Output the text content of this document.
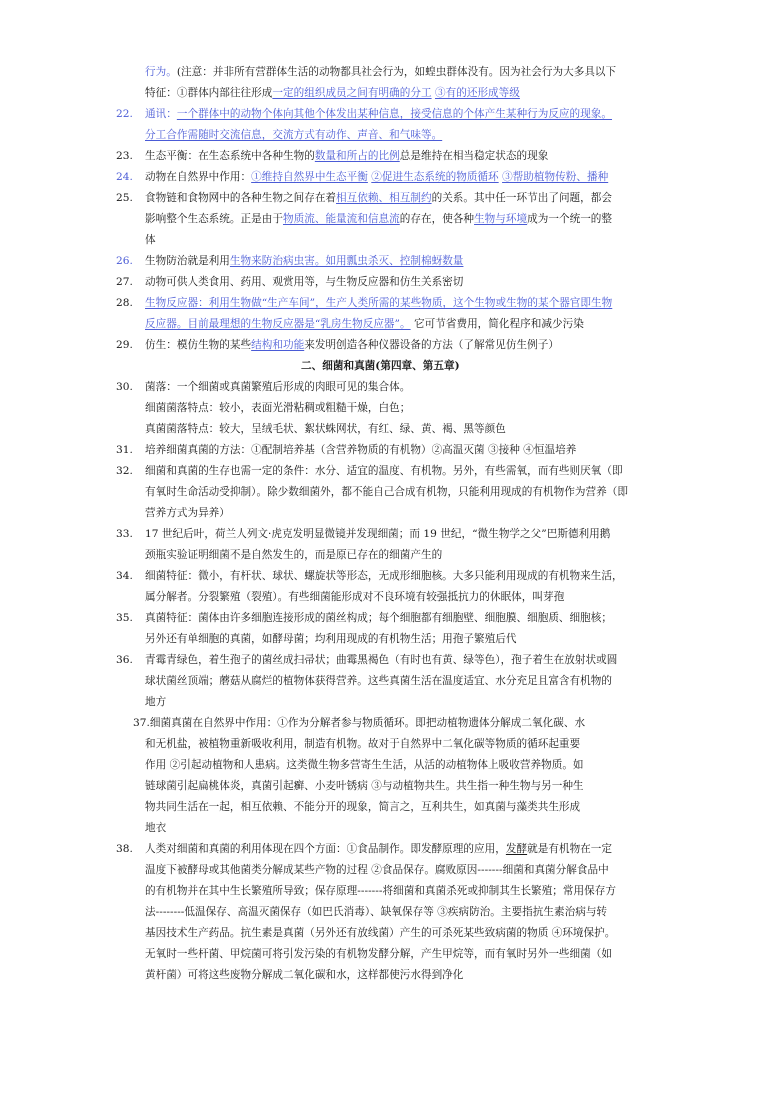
行为。(注意：并非所有营群体生活的动物都具社会行为，如蝗虫群体没有。因为社会行为大多具以下
特征：①群体内部往往形成一定的组织成员之间有明确的分工 ③有的还形成等级
22. 通讯：一个群体中的动物个体向其他个体发出某种信息，接受信息的个体产生某种行为反应的现象。
分工合作需随时交流信息，交流方式有动作、声音、和气味等。
23. 生态平衡：在生态系统中各种生物的数量和所占的比例总是维持在相当稳定状态的现象
24. 动物在自然界中作用：①维持自然界中生态平衡 ②促进生态系统的物质循环 ③帮助植物传粉、播种
25. 食物链和食物网中的各种生物之间存在着相互依赖、相互制约的关系。其中任一环节出了问题，都会
影响整个生态系统。正是由于物质流、能量流和信息流的存在，使各种生物与环境成为一个统一的整
体
26. 生物防治就是利用生物来防治病虫害。如用瓢虫杀灭、控制棉蚜数量
27. 动物可供人类食用、药用、观赏用等，与生物反应器和仿生关系密切
28. 生物反应器：利用生物做“生产车间”，生产人类所需的某些物质，这个生物或生物的某个器官即生物
反应器。目前最理想的生物反应器是“乳房生物反应器”。 它可节省费用，简化程序和减少污染
29. 仿生：模仿生物的某些结构和功能来发明创造各种仪器设备的方法（了解常见仿生例子）
二、细菌和真菌(第四章、第五章)
30. 菌落：一个细菌或真菌繁殖后形成的肉眼可见的集合体。
细菌菌落特点：较小，表面光滑粘稠或粗糙干燥，白色；
真菌菌落特点：较大，呈绒毛状、絮状蛛网状，有红、绿、黄、褐、黑等颜色
31. 培养细菌真菌的方法：①配制培养基（含营养物质的有机物）②高温灭菌 ③接种 ④恒温培养
32. 细菌和真菌的生存也需一定的条件：水分、适宜的温度、有机物。另外，有些需氧，而有些则厌氧（即
有氧时生命活动受抑制）。除少数细菌外，都不能自己合成有机物，只能利用现成的有机物作为营养（即
营养方式为异养）
33. 17 世纪后叶，荷兰人列文·虎克发明显微镜并发现细菌；而 19 世纪，“微生物学之父”巴斯德利用鹅
颈瓶实验证明细菌不是自然发生的，而是原已存在的细菌产生的
34. 细菌特征：微小，有杆状、球状、螺旋状等形态，无成形细胞核。大多只能利用现成的有机物来生活，
属分解者。分裂繁殖（裂殖）。有些细菌能形成对不良环境有较强抵抗力的休眠体，叫芽孢
35. 真菌特征：菌体由许多细胞连接形成的菌丝构成；每个细胞都有细胞壁、细胞膜、细胞质、细胞核；
另外还有单细胞的真菌，如酵母菌；均利用现成的有机物生活；用孢子繁殖后代
36. 青霉青绿色，着生孢子的菌丝成扫帚状；曲霉黑褐色（有时也有黄、绿等色），孢子着生在放射状或圆
球状菌丝顶端；蘑菇从腐烂的植物体获得营养。这些真菌生活在温度适宜、水分充足且富含有机物的
地方
37.细菌真菌在自然界中作用：①作为分解者参与物质循环。即把动植物遗体分解成二氧化碳、水
和无机盐，被植物重新吸收利用，制造有机物。故对于自然界中二氧化碳等物质的循环起重要
作用 ②引起动植物和人患病。这类微生物多营寄生生活，从活的动植物体上吸收营养物质。如
链球菌引起扁桃体炎，真菌引起癣、小麦叶锈病 ③与动植物共生。共生指一种生物与另一种生
物共同生活在一起，相互依赖、不能分开的现象，简言之，互利共生，如真菌与藻类共生形成
地衣
38. 人类对细菌和真菌的利用体现在四个方面：①食品制作。即发酵原理的应用，发酵就是有机物在一定
温度下被酵母或其他菌类分解成某些产物的过程 ②食品保存。腐败原因-------细菌和真菌分解食品中
的有机物并在其中生长繁殖所导致；保存原理-------将细菌和真菌杀死或抑制其生长繁殖；常用保存方
法--------低温保存、高温灭菌保存（如巴氏消毒）、缺氧保存等 ③疾病防治。主要指抗生素治病与转
基因技术生产药品。抗生素是真菌（另外还有放线菌）产生的可杀死某些致病菌的物质 ④环境保护。
无氧时一些杆菌、甲烷菌可将引发污染的有机物发酵分解，产生甲烷等，而有氧时另外一些细菌（如
黄杆菌）可将这些废物分解成二氧化碳和水，这样都使污水得到净化
